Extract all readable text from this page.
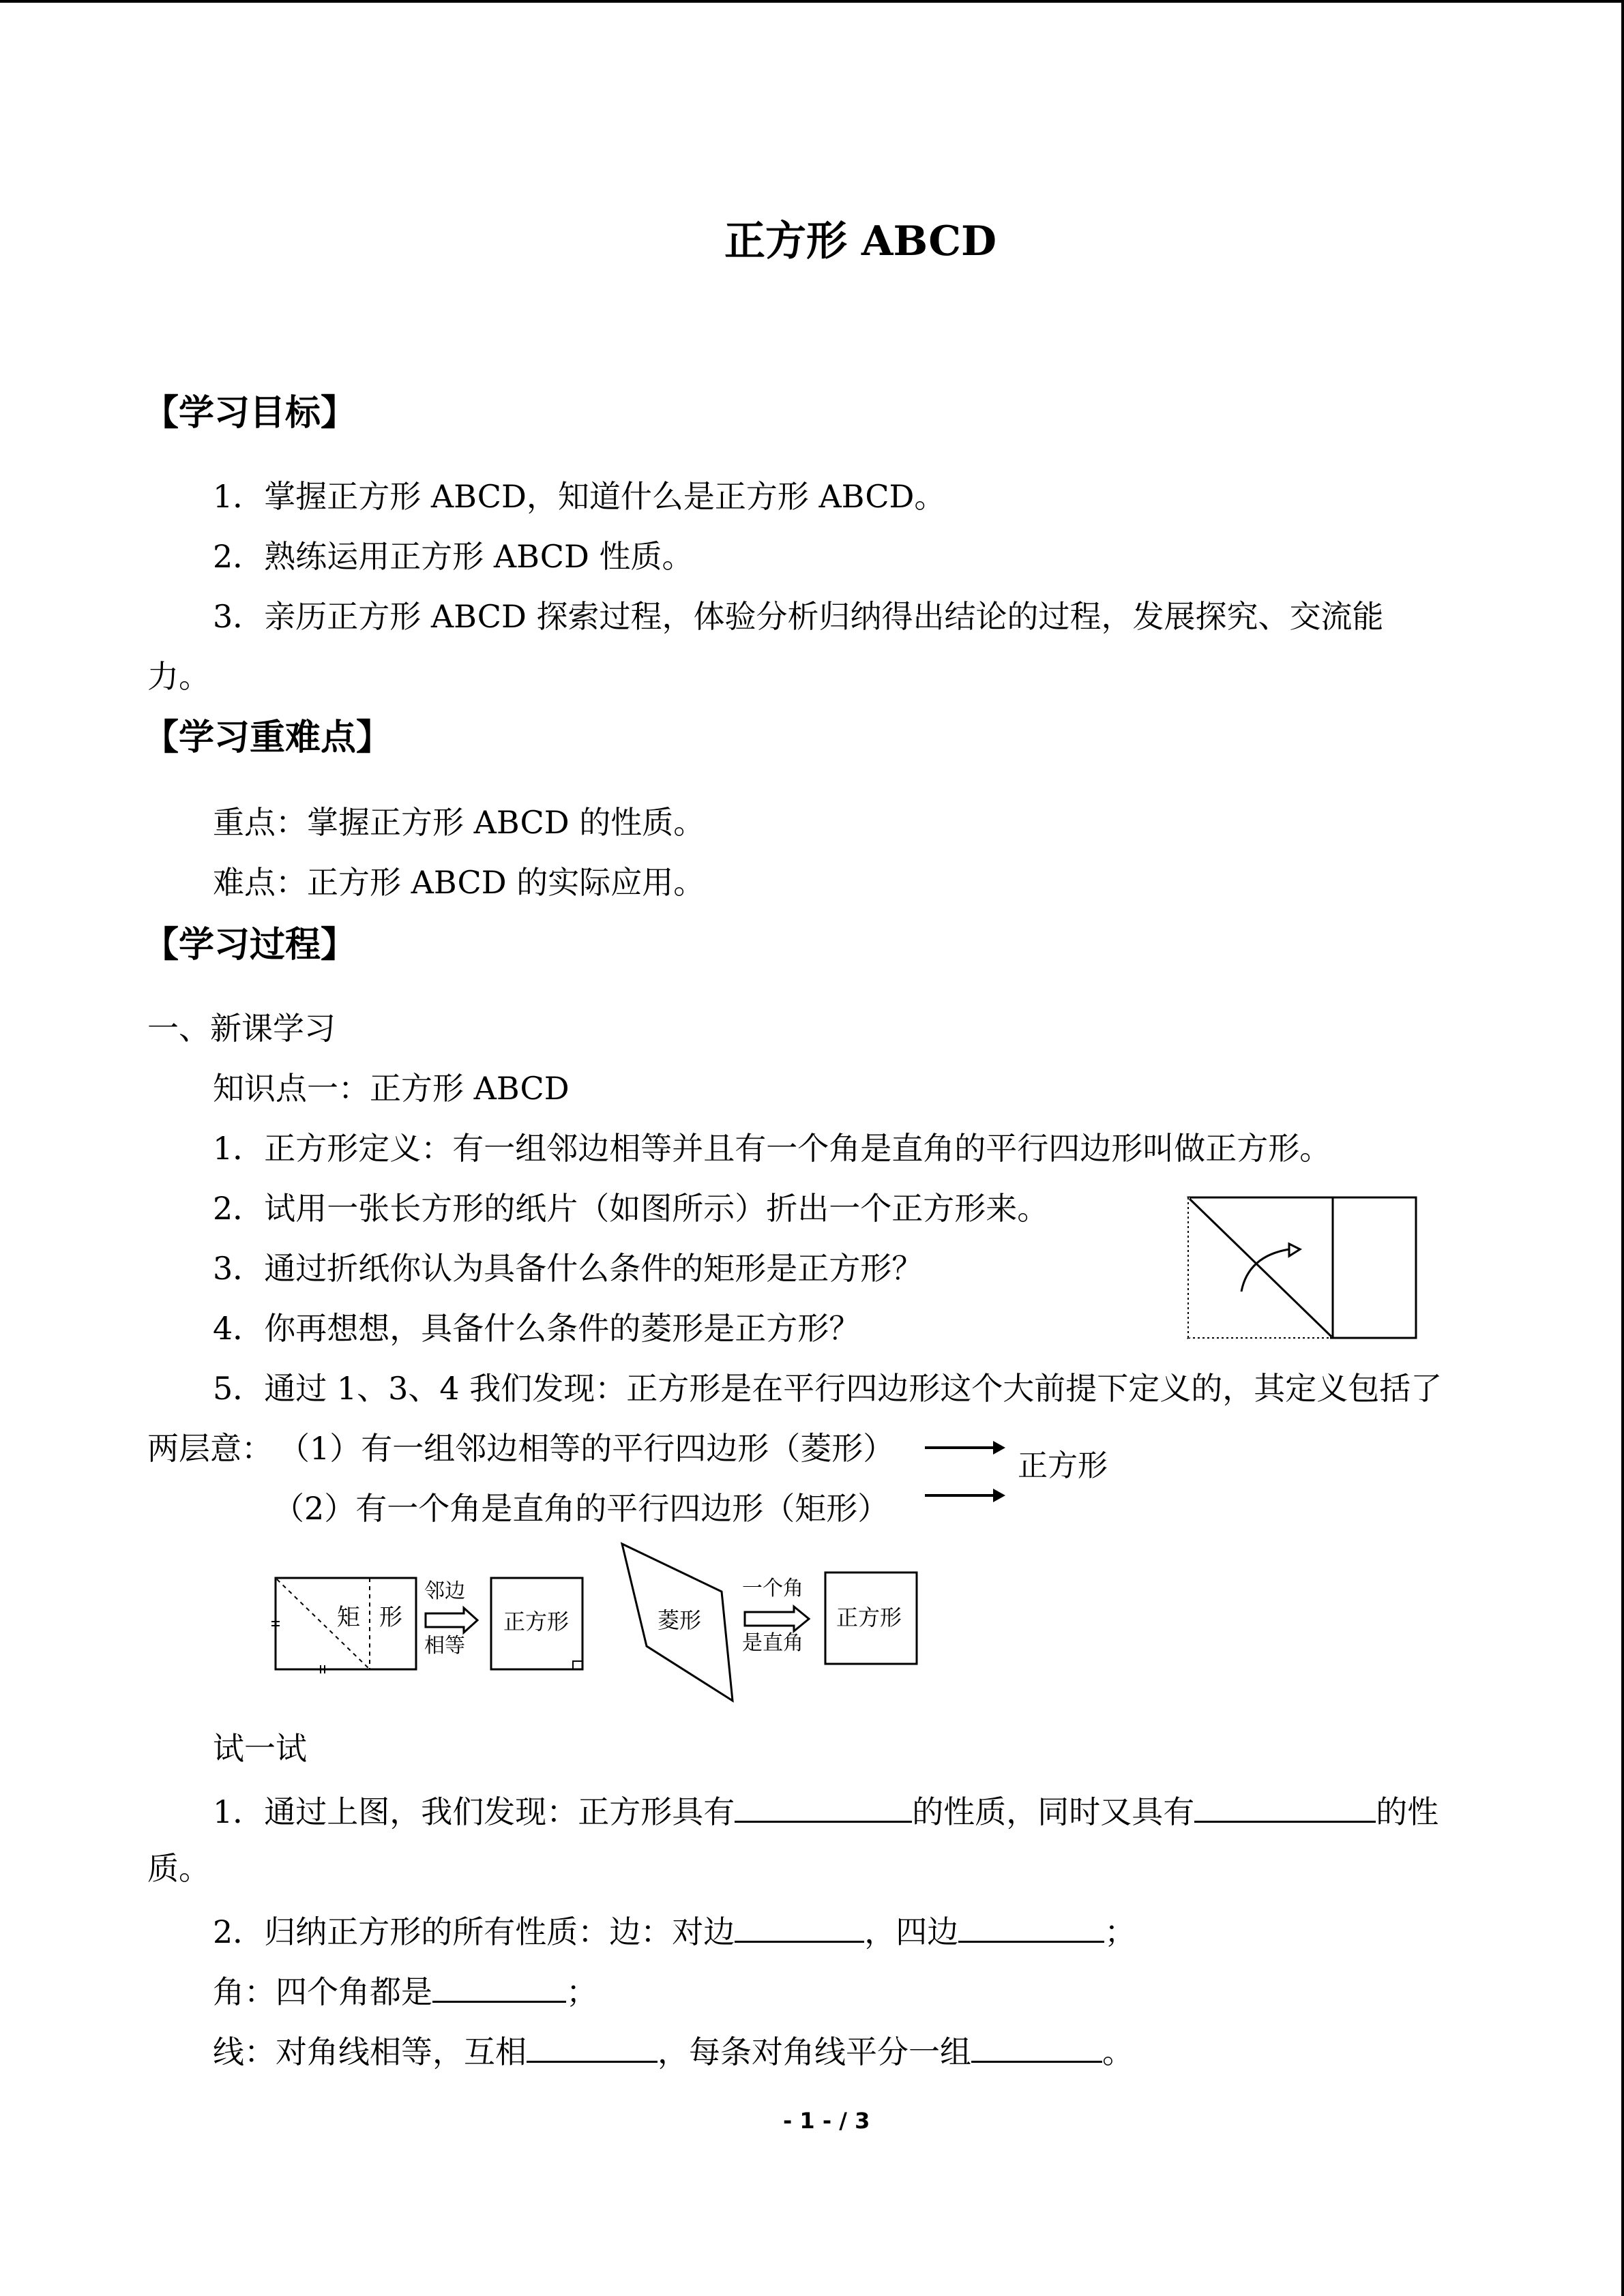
正方形 ABCD
【学习目标】
1．掌握正方形 ABCD，知道什么是正方形 ABCD。
2．熟练运用正方形 ABCD 性质。
3．亲历正方形 ABCD 探索过程，体验分析归纳得出结论的过程，发展探究、交流能
力。
【学习重难点】
重点：掌握正方形 ABCD 的性质。
难点：正方形 ABCD 的实际应用。
【学习过程】
一、新课学习
知识点一：正方形 ABCD
1．正方形定义：有一组邻边相等并且有一个角是直角的平行四边形叫做正方形。
2．试用一张长方形的纸片（如图所示）折出一个正方形来。
3．通过折纸你认为具备什么条件的矩形是正方形？
4．你再想想，具备什么条件的菱形是正方形？
5．通过 1、3、4 我们发现：正方形是在平行四边形这个大前提下定义的，其定义包括了
两层意： （1）有一组邻边相等的平行四边形（菱形）
（2）有一个角是直角的平行四边形（矩形）
正方形
矩 形
邻边
相等
正方形	菱形
一个角
是直角
正方形
试一试
1．通过上图，我们发现：正方形具有	的性质，同时又具有	的性
质。
2．归纳正方形的所有性质：边：对边	，四边	；
角：四个角都是	；
线：对角线相等，互相	，每条对角线平分一组	。
- 1 - / 3
